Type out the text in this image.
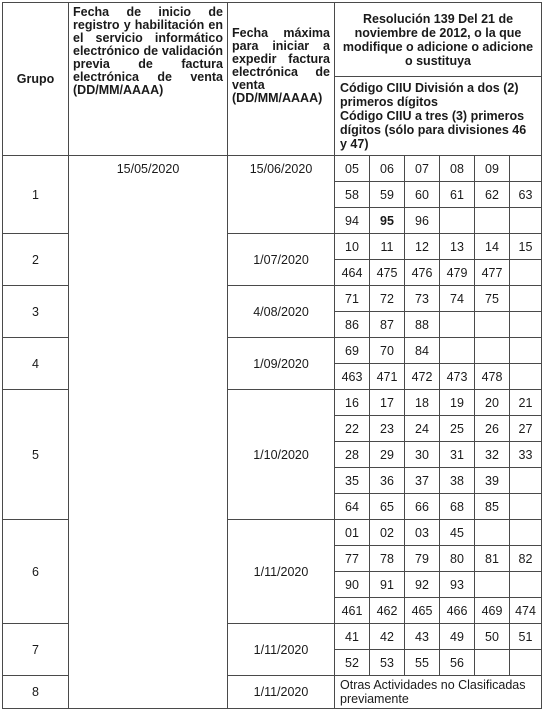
Grupo	Fecha de inicio de registro y habilitación en el servicio informático electrónico de validación previa de factura electrónica de venta (DD/MM/AAAA)	Fecha máxima para iniciar a expedir factura electrónica de venta (DD/MM/AAAA)	Resolución 139 Del 21 de noviembre de 2012, o la que modifique o adicione o adicione o sustituya					

			Código CIIU División a dos (2) primeros dígitos
Código CIIU a tres (3) primeros dígitos (sólo para divisiones 46 y 47)					

1	15/05/2020	15/06/2020	05	06	07	08	09	
			58	59	60	61	62	63
			94	95	96			
2		1/07/2020	10	11	12	13	14	15
			464	475	476	479	477	
3		4/08/2020	71	72	73	74	75	
			86	87	88			
4		1/09/2020	69	70	84			
			463	471	472	473	478	
5		1/10/2020	16	17	18	19	20	21
			22	23	24	25	26	27
			28	29	30	31	32	33
			35	36	37	38	39	
			64	65	66	68	85	
6		1/11/2020	01	02	03	45		
			77	78	79	80	81	82
			90	91	92	93		
			461	462	465	466	469	474
7		1/11/2020	41	42	43	49	50	51
			52	53	55	56		
8		1/11/2020	Otras Actividades no Clasificadas previamente					
